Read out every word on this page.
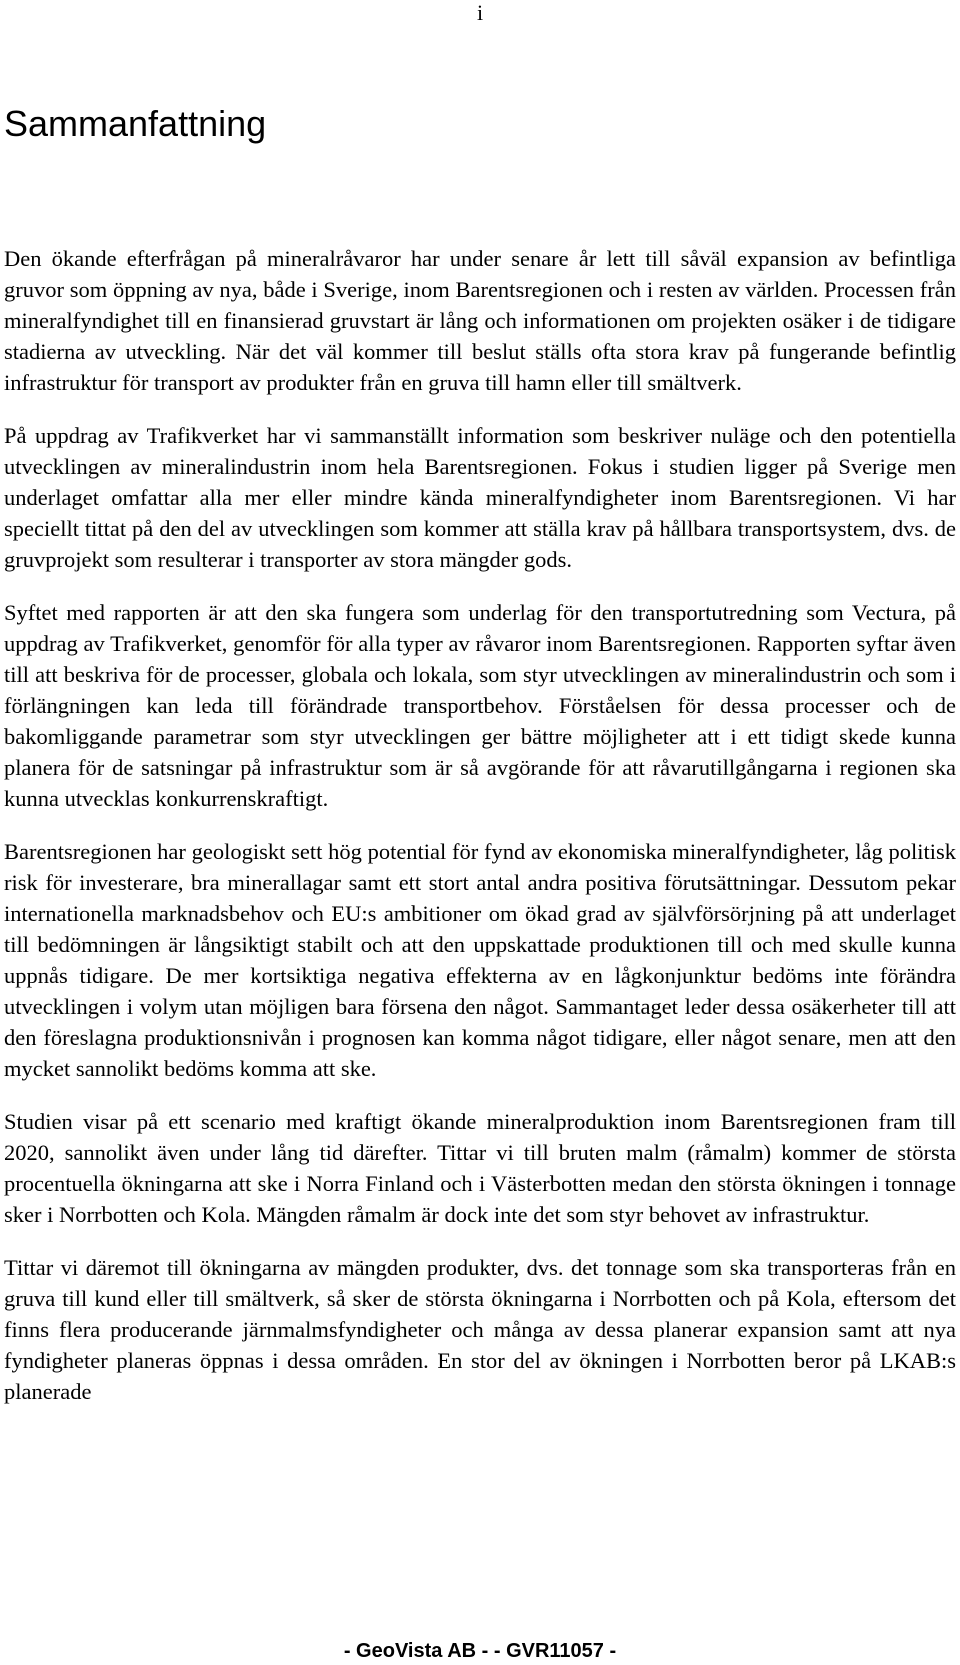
i
Sammanfattning

Den ökande efterfrågan på mineralråvaror har under senare år lett till såväl expansion av befintliga gruvor som öppning av nya, både i Sverige, inom Barentsregionen och i resten av världen. Processen från mineralfyndighet till en finansierad gruvstart är lång och informationen om projekten osäker i de tidigare stadierna av utveckling. När det väl kommer till beslut ställs ofta stora krav på fungerande befintlig infrastruktur för transport av produkter från en gruva till hamn eller till smältverk.

På uppdrag av Trafikverket har vi sammanställt information som beskriver nuläge och den potentiella utvecklingen av mineralindustrin inom hela Barentsregionen. Fokus i studien ligger på Sverige men underlaget omfattar alla mer eller mindre kända mineralfyndigheter inom Barentsregionen. Vi har speciellt tittat på den del av utvecklingen som kommer att ställa krav på hållbara transportsystem, dvs. de gruvprojekt som resulterar i transporter av stora mängder gods.

Syftet med rapporten är att den ska fungera som underlag för den transportutredning som Vectura, på uppdrag av Trafikverket, genomför för alla typer av råvaror inom Barentsregionen. Rapporten syftar även till att beskriva för de processer, globala och lokala, som styr utvecklingen av mineralindustrin och som i förlängningen kan leda till förändrade transportbehov. Förståelsen för dessa processer och de bakomliggande parametrar som styr utvecklingen ger bättre möjligheter att i ett tidigt skede kunna planera för de satsningar på infrastruktur som är så avgörande för att råvarutillgångarna i regionen ska kunna utvecklas konkurrenskraftigt.

Barentsregionen har geologiskt sett hög potential för fynd av ekonomiska mineralfyndigheter, låg politisk risk för investerare, bra minerallagar samt ett stort antal andra positiva förutsättningar. Dessutom pekar internationella marknadsbehov och EU:s ambitioner om ökad grad av självförsörjning på att underlaget till bedömningen är långsiktigt stabilt och att den uppskattade produktionen till och med skulle kunna uppnås tidigare. De mer kortsiktiga negativa effekterna av en lågkonjunktur bedöms inte förändra utvecklingen i volym utan möjligen bara försena den något. Sammantaget leder dessa osäkerheter till att den föreslagna produktionsnivån i prognosen kan komma något tidigare, eller något senare, men att den mycket sannolikt bedöms komma att ske.

Studien visar på ett scenario med kraftigt ökande mineralproduktion inom Barentsregionen fram till 2020, sannolikt även under lång tid därefter. Tittar vi till bruten malm (råmalm) kommer de största procentuella ökningarna att ske i Norra Finland och i Västerbotten medan den största ökningen i tonnage sker i Norrbotten och Kola. Mängden råmalm är dock inte det som styr behovet av infrastruktur.

Tittar vi däremot till ökningarna av mängden produkter, dvs. det tonnage som ska transporteras från en gruva till kund eller till smältverk, så sker de största ökningarna i Norrbotten och på Kola, eftersom det finns flera producerande järnmalmsfyndigheter och många av dessa planerar expansion samt att nya fyndigheter planeras öppnas i dessa områden. En stor del av ökningen i Norrbotten beror på LKAB:s planerade

- GeoVista AB - - GVR11057 -
